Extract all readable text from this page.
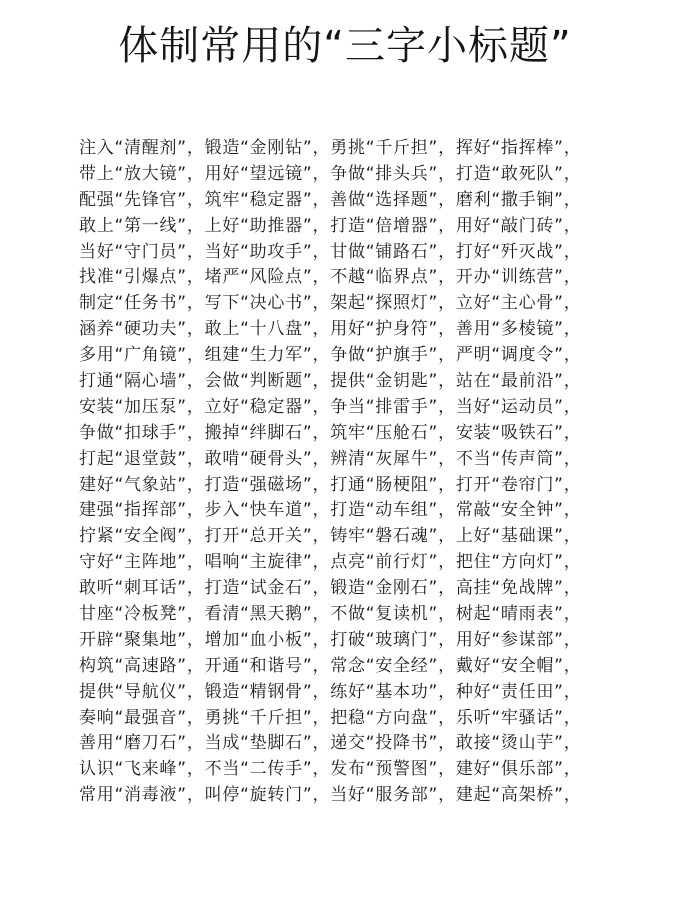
体制常用的“三字小标题”
注入“清醒剂”，锻造“金刚钻”，勇挑“千斤担”，挥好“指挥棒”，
带上“放大镜”，用好“望远镜”，争做“排头兵”，打造“敢死队”，
配强“先锋官”，筑牢“稳定器”，善做“选择题”，磨利“撒手锏”，
敢上“第一线”，上好“助推器”，打造“倍增器”，用好“敲门砖”，
当好“守门员”，当好“助攻手”，甘做“铺路石”，打好“歼灭战”，
找准“引爆点”，堵严“风险点”，不越“临界点”，开办“训练营”，
制定“任务书”，写下“决心书”，架起“探照灯”，立好“主心骨”，
涵养“硬功夫”，敢上“十八盘”，用好“护身符”，善用“多棱镜”，
多用“广角镜”，组建“生力军”，争做“护旗手”，严明“调度令”，
打通“隔心墙”，会做“判断题”，提供“金钥匙”，站在“最前沿”，
安装“加压泵”，立好“稳定器”，争当“排雷手”，当好“运动员”，
争做“扣球手”，搬掉“绊脚石”，筑牢“压舱石”，安装“吸铁石”，
打起“退堂鼓”，敢啃“硬骨头”，辨清“灰犀牛”，不当“传声筒”，
建好“气象站”，打造“强磁场”，打通“肠梗阻”，打开“卷帘门”，
建强“指挥部”，步入“快车道”，打造“动车组”，常敲“安全钟”，
拧紧“安全阀”，打开“总开关”，铸牢“磐石魂”，上好“基础课”，
守好“主阵地”，唱响“主旋律”，点亮“前行灯”，把住“方向灯”，
敢听“刺耳话”，打造“试金石”，锻造“金刚石”，高挂“免战牌”，
甘座“冷板凳”，看清“黑天鹅”，不做“复读机”，树起“晴雨表”，
开辟“聚集地”，增加“血小板”，打破“玻璃门”，用好“参谋部”，
构筑“高速路”，开通“和谐号”，常念“安全经”，戴好“安全帽”，
提供“导航仪”，锻造“精钢骨”，练好“基本功”，种好“责任田”，
奏响“最强音”，勇挑“千斤担”，把稳“方向盘”，乐听“牢骚话”，
善用“磨刀石”，当成“垫脚石”，递交“投降书”，敢接“烫山芋”，
认识“飞来峰”，不当“二传手”，发布“预警图”，建好“俱乐部”，
常用“消毒液”，叫停“旋转门”，当好“服务部”，建起“高架桥”，
